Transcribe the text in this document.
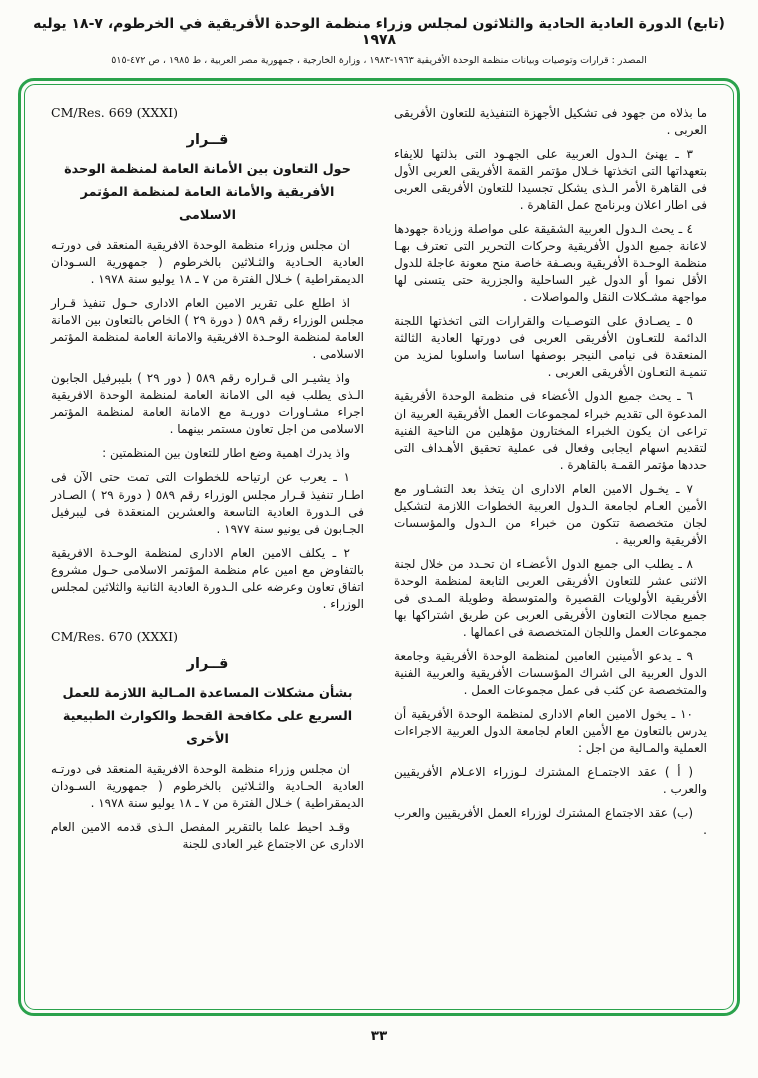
(تابع) الدورة العادية الحادية والثلاثون لمجلس وزراء منظمة الوحدة الأفريقية في الخرطوم، ٧-١٨ يوليه ١٩٧٨
المصدر : قرارات وتوصيات وبيانات منظمة الوحدة الأفريقية ١٩٦٣-١٩٨٣ ، وزارة الخارجية ، جمهورية مصر العربية ، ط ١٩٨٥ ، ص ٤٧٢-٥١٥

ما بذلاه من جهود فى تشكيل الأجهزة التنفيذية للتعاون الأفريقى العربى .

٣ ـ يهنئ الـدول العربية على الجهـود التى بذلتها للايفاء بتعهداتها التى اتخذتها خـلال مؤتمر القمة الأفريقى العربى الأول فى القاهرة الأمر الـذى يشكل تجسيدا للتعاون الأفريقى العربى فى اطار اعلان وبرنامج عمل القاهرة .

٤ ـ يحث الـدول العربية الشقيقة على مواصلة وزيادة جهودها لاعانة جميع الدول الأفريقية وحركات التحرير التى تعترف بهـا منظمة الوحـدة الأفريقية وبصـفة خاصة منح معونة عاجلة للدول الأقل نموا أو الدول غير الساحلية والجزرية حتى يتسنى لها مواجهة مشـكلات النقل والمواصلات .

٥ ـ يصـادق على التوصـيات والقرارات التى اتخذتها اللجنة الدائمة للتعـاون الأفريقى العربى فى دورتها العادية الثالثة المنعقدة فى نيامى النيجر بوصفها اساسا واسلوبا لمزيد من تنميـة التعـاون الأفريقى العربى .

٦ ـ يحث جميع الدول الأعضاء فى منظمة الوحدة الأفريقية المدعوة الى تقديم خبراء لمجموعات العمل الأفريقية العربية ان تراعى ان يكون الخبراء المختارون مؤهلين من الناحية الفنية لتقديم اسهام ايجابى وفعال فى عملية تحقيق الأهـداف التى حددها مؤتمر القمـة بالقاهرة .

٧ ـ يخـول الامين العام الادارى ان يتخذ بعد التشـاور مع الأمين العـام لجامعة الـدول العربية الخطوات اللازمة لتشكيل لجان متخصصة تتكون من خبراء من الـدول والمؤسسات الأفريقية والعربية .

٨ ـ يطلب الى جميع الدول الأعضـاء ان تحـدد من خلال لجنة الاثنى عشر للتعاون الأفريقى العربى التابعة لمنظمة الوحدة الأفريقية الأولويات القصيرة والمتوسطة وطويلة المـدى فى جميع مجالات التعاون الأفريقى العربى عن طريق اشتراكها بها مجموعات العمل واللجان المتخصصة فى اعمالها .

٩ ـ يدعو الأمينين العامين لمنظمة الوحدة الأفريقية وجامعة الدول العربية الى اشراك المؤسسات الأفريقية والعربية الفنية والمتخصصة عن كثب فى عمل مجموعات العمل .

١٠ ـ يخول الامين العام الادارى لمنظمة الوحدة الأفريقية أن يدرس بالتعاون مع الأمين العام لجامعة الدول العربية الاجراءات العملية والمـالية من اجل :

( أ ) عقد الاجتمـاع المشترك لـوزراء الاعـلام الأفريقيين والعرب .

(ب) عقد الاجتماع المشترك لوزراء العمل الأفريقيين والعرب .

CM/Res. 669 (XXXI)
قــرار
حول التعاون بين الأمانة العامة لمنظمة الوحدة الأفريقية والأمانة العامة لمنظمة المؤتمر الاسلامى

ان مجلس وزراء منظمة الوحدة الافريقية المنعقد فى دورتـه العادية الحـادية والثـلاثين بالخرطوم ( جمهورية السـودان الديمقراطية ) خـلال الفترة من ٧ ـ ١٨ يوليو سنة ١٩٧٨ .

اذ اطلع على تقرير الامين العام الادارى حـول تنفيذ قـرار مجلس الوزراء رقم ٥٨٩ ( دورة ٢٩ ) الخاص بالتعاون بين الامانة العامة لمنظمة الوحـدة الافريقية والامانة العامة لمنظمة المؤتمر الاسلامى .

واذ يشيـر الى قـراره رقم ٥٨٩ ( دور ٢٩ ) بليبرفيل الجابون الـذى يطلب فيه الى الامانة العامة لمنظمة الوحدة الافريقية اجراء مشـاورات دوريـة مع الامانة العامة لمنظمة المؤتمر الاسلامى من اجل تعاون مستمر بينهما .

واذ يدرك اهمية وضع اطار للتعاون بين المنظمتين :

١ ـ يعرب عن ارتياحه للخطوات التى تمت حتى الآن فى اطـار تنفيذ قـرار مجلس الوزراء رقم ٥٨٩ ( دورة ٢٩ ) الصـادر فى الـدورة العادية التاسعة والعشرين المنعقدة فى ليبرفيل الجـابون فى يونيو سنة ١٩٧٧ .

٢ ـ يكلف الامين العام الادارى لمنظمة الوحـدة الافريقية بالتفاوض مع امين عام منظمة المؤتمر الاسلامى حـول مشروع اتفاق تعاون وعرضه على الـدورة العادية الثانية والثلاثين لمجلس الوزراء .

CM/Res. 670 (XXXI)
قــرار
بشأن مشكلات المساعدة المـالية اللازمة للعمل السريع على مكافحة القحط والكوارث الطبيعية الأخرى

ان مجلس وزراء منظمة الوحدة الافريقية المنعقد فى دورتـه العادية الحـادية والثـلاثين بالخرطوم ( جمهورية السـودان الديمقراطية ) خـلال الفترة من ٧ ـ ١٨ يوليو سنة ١٩٧٨ .

وقـد احيط علما بالتقرير المفصل الـذى قدمه الامين العام الادارى عن الاجتماع غير العادى للجنة

٣٣
